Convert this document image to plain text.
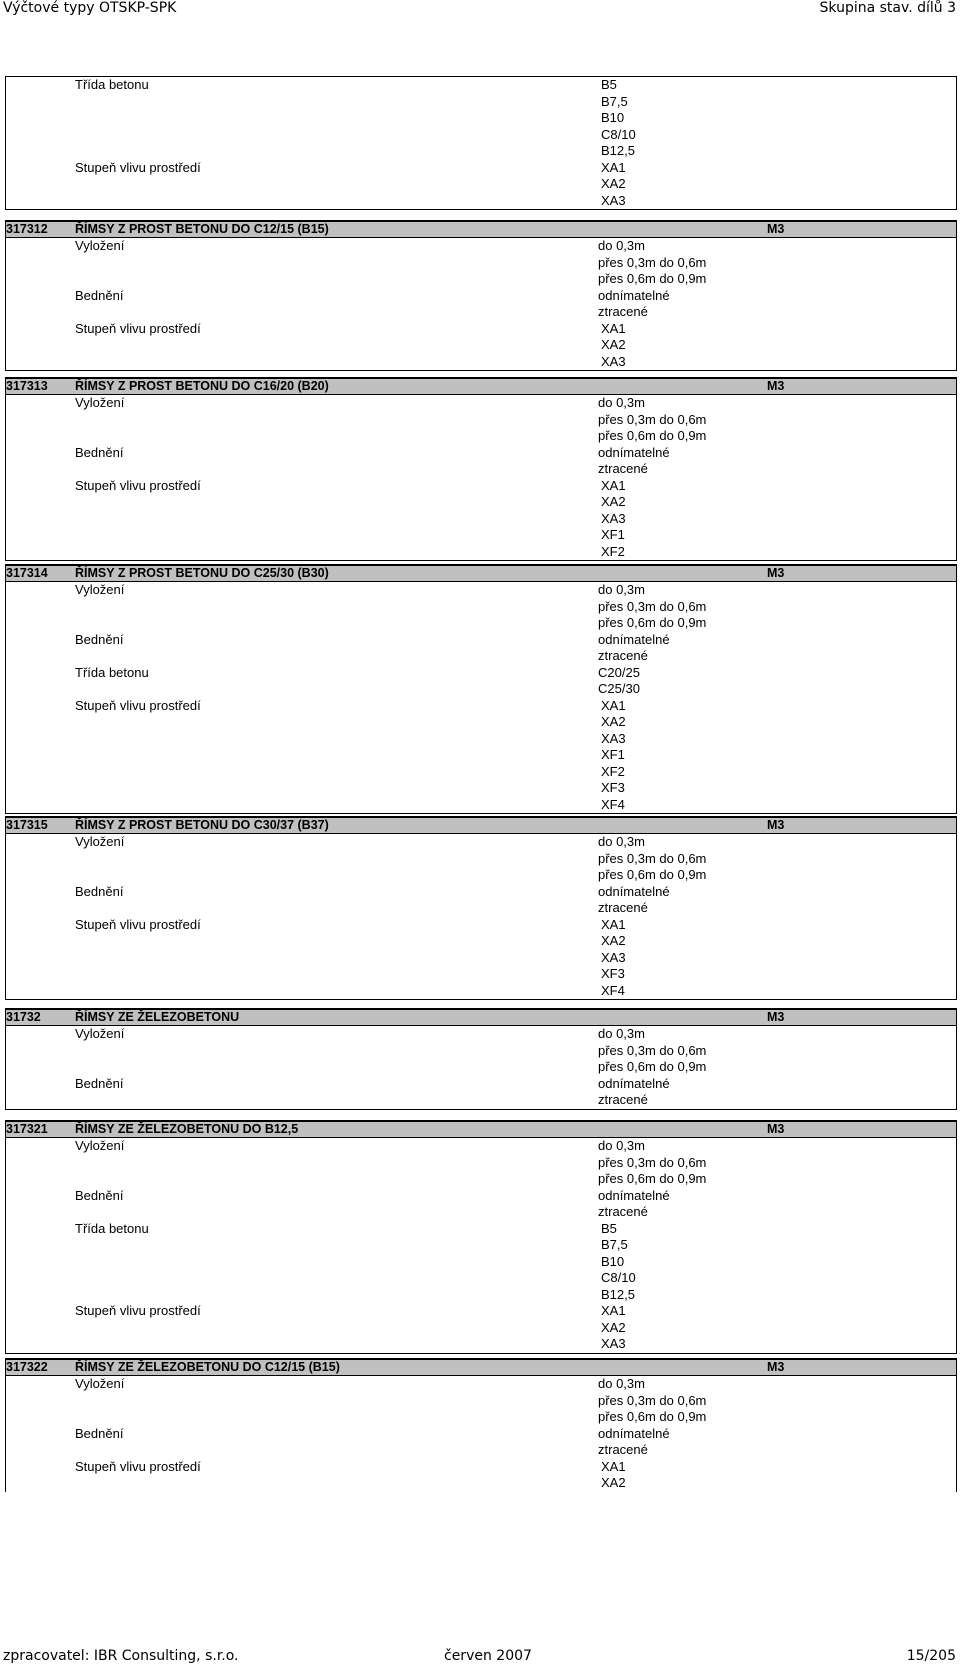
Výčtové typy OTSKP-SPK	Skupina stav. dílů 3
Třída betonu	B5
B7,5
B10
C8/10
B12,5
Stupeň vlivu prostředí	XA1
XA2
XA3
317312 ŘÍMSY Z PROST BETONU DO C12/15 (B15)	M3
Vyložení	do 0,3m
přes 0,3m do 0,6m
přes 0,6m do 0,9m
Bednění	odnímatelné
ztracené
Stupeň vlivu prostředí	XA1
XA2
XA3
317313 ŘÍMSY Z PROST BETONU DO C16/20 (B20)	M3
Vyložení	do 0,3m
přes 0,3m do 0,6m
přes 0,6m do 0,9m
Bednění	odnímatelné
ztracené
Stupeň vlivu prostředí	XA1
XA2
XA3
XF1
XF2
317314 ŘÍMSY Z PROST BETONU DO C25/30 (B30)	M3
Vyložení	do 0,3m
přes 0,3m do 0,6m
přes 0,6m do 0,9m
Bednění	odnímatelné
ztracené
Třída betonu	C20/25
C25/30
Stupeň vlivu prostředí	XA1
XA2
XA3
XF1
XF2
XF3
XF4
317315 ŘÍMSY Z PROST BETONU DO C30/37 (B37)	M3
Vyložení	do 0,3m
přes 0,3m do 0,6m
přes 0,6m do 0,9m
Bednění	odnímatelné
ztracené
Stupeň vlivu prostředí	XA1
XA2
XA3
XF3
XF4
31732	ŘÍMSY ZE ŽELEZOBETONU	M3
Vyložení	do 0,3m
přes 0,3m do 0,6m
přes 0,6m do 0,9m
Bednění	odnímatelné
ztracené
317321 ŘÍMSY ZE ŽELEZOBETONU DO B12,5	M3
Vyložení	do 0,3m
přes 0,3m do 0,6m
přes 0,6m do 0,9m
Bednění	odnímatelné
ztracené
Třída betonu	B5
B7,5
B10
C8/10
B12,5
Stupeň vlivu prostředí	XA1
XA2
XA3
317322 ŘÍMSY ZE ŽELEZOBETONU DO C12/15 (B15)	M3
Vyložení	do 0,3m
přes 0,3m do 0,6m
přes 0,6m do 0,9m
Bednění	odnímatelné
ztracené
Stupeň vlivu prostředí	XA1
XA2
zpracovatel: IBR Consulting, s.r.o.	červen 2007	15/205
